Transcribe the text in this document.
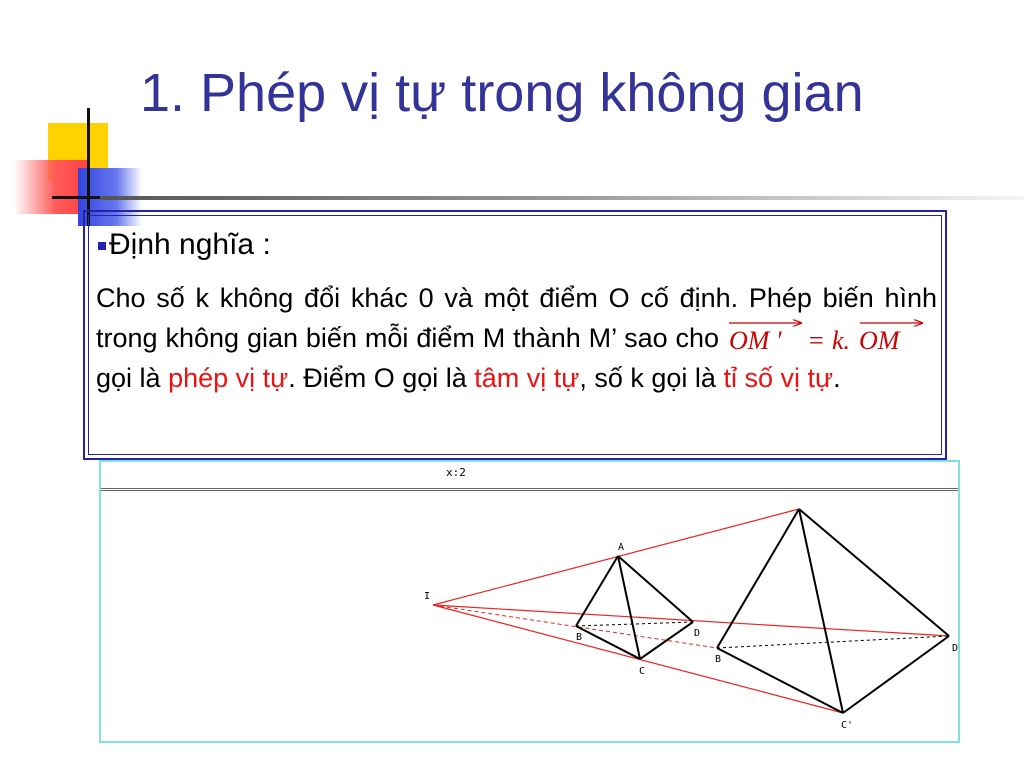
1. Phép vị tự trong không gian
Định nghĩa :

Cho số k không đổi khác 0 và một điểm O cố định. Phép biến hình trong không gian biến mỗi điểm M thành M’ sao cho OM ' = k. OM
gọi là phép vị tự. Điểm O gọi là tâm vị tự, số k gọi là tỉ số vị tự.

x:2
I
A
B
C
D
B
C'
D
